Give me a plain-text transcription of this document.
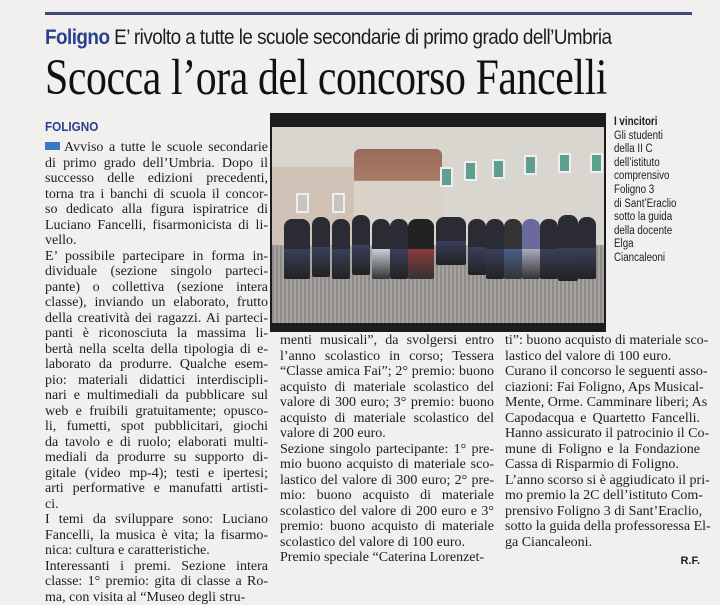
Foligno E’ rivolto a tutte le scuole secondarie di primo grado dell’Umbria
Scocca l’ora del concorso Fancelli
FOLIGNO
Avviso a tutte le scuole secondarie
di primo grado dell’Umbria. Dopo il
successo delle edizioni precedenti,
torna tra i banchi di scuola il concor-
so dedicato alla figura ispiratrice di
Luciano Fancelli, fisarmonicista di li-
vello.
E’ possibile partecipare in forma in-
dividuale (sezione singolo parteci-
pante) o collettiva (sezione intera
classe), inviando un elaborato, frutto
della creatività dei ragazzi. Ai parteci-
panti è riconosciuta la massima li-
bertà nella scelta della tipologia di e-
laborato da produrre. Qualche esem-
pio: materiali didattici interdiscipli-
nari e multimediali da pubblicare sul
web e fruibili gratuitamente; opusco-
li, fumetti, spot pubblicitari, giochi
da tavolo e di ruolo; elaborati multi-
mediali da produrre su supporto di-
gitale (video mp-4); testi e ipertesi;
arti performative e manufatti artisti-
ci.
I temi da sviluppare sono: Luciano
Fancelli, la musica è vita; la fisarmo-
nica: cultura e caratteristiche.
Interessanti i premi. Sezione intera
classe: 1° premio: gita di classe a Ro-
ma, con visita al “Museo degli stru-
menti musicali”, da svolgersi entro
l’anno scolastico in corso; Tessera
“Classe amica Fai”; 2° premio: buono
acquisto di materiale scolastico del
valore di 300 euro; 3° premio: buono
acquisto di materiale scolastico del
valore di 200 euro.
Sezione singolo partecipante: 1° pre-
mio buono acquisto di materiale sco-
lastico del valore di 300 euro; 2° pre-
mio: buono acquisto di materiale
scolastico del valore di 200 euro e 3°
premio: buono acquisto di materiale
scolastico del valore di 100 euro.
Premio speciale “Caterina Lorenzet-
ti”: buono acquisto di materiale sco-
lastico del valore di 100 euro.
Curano il concorso le seguenti asso-
ciazioni: Fai Foligno, Aps Musical-
Mente, Orme. Camminare liberi; As
Capodacqua e Quartetto Fancelli.
Hanno assicurato il patrocinio il Co-
mune di Foligno e la Fondazione
Cassa di Risparmio di Foligno.
L’anno scorso si è aggiudicato il pri-
mo premio la 2C dell’istituto Com-
prensivo Foligno 3 di Sant’Eraclio,
sotto la guida della professoressa El-
ga Ciancaleoni.
R.F.
I vincitori
Gli studenti
della II C
dell’istituto
comprensivo
Foligno 3
di Sant’Eraclio
sotto la guida
della docente
Elga
Ciancaleoni
